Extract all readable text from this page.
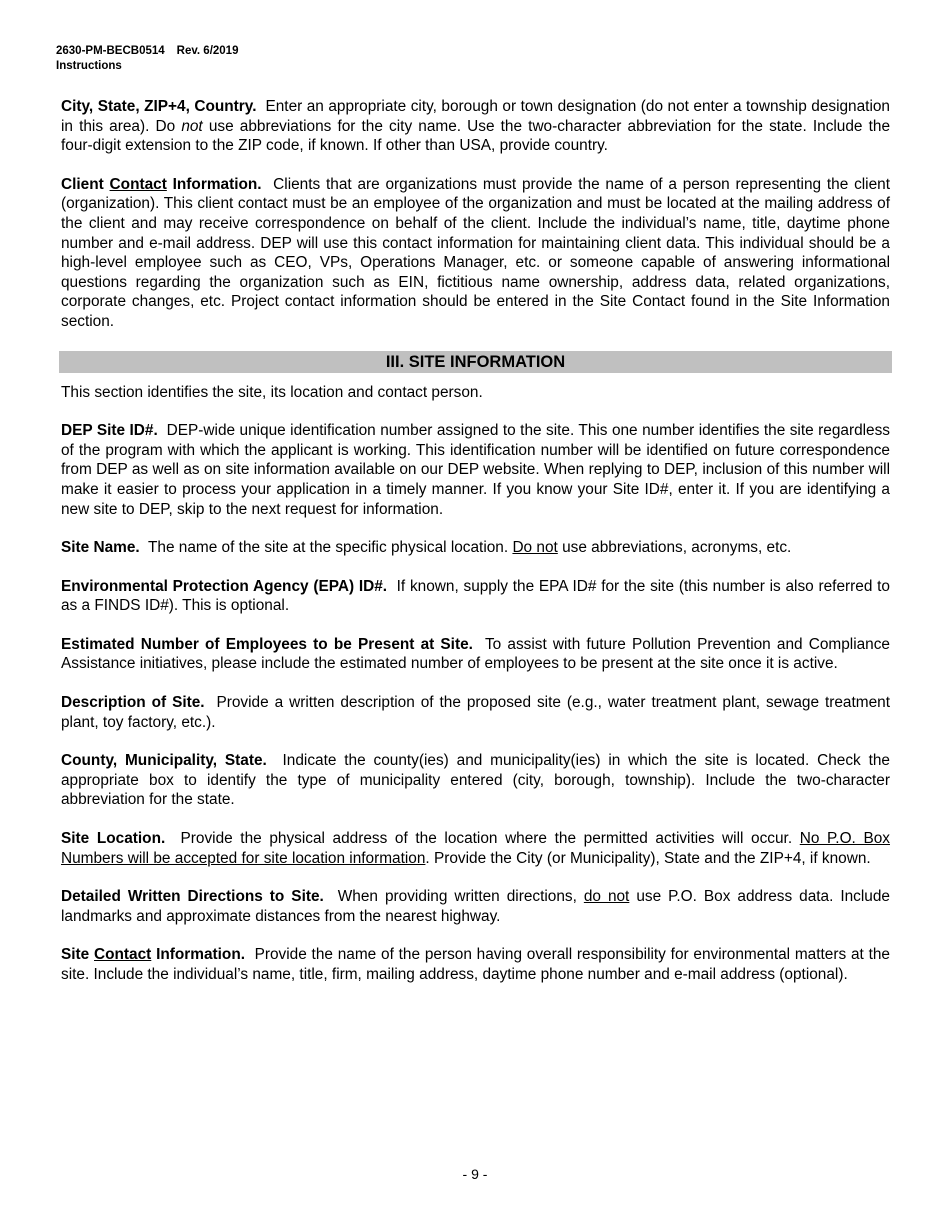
2630-PM-BECB0514 Rev. 6/2019
Instructions

City, State, ZIP+4, Country. Enter an appropriate city, borough or town designation (do not enter a township designation in this area). Do not use abbreviations for the city name. Use the two-character abbreviation for the state. Include the four-digit extension to the ZIP code, if known. If other than USA, provide country.

Client Contact Information. Clients that are organizations must provide the name of a person representing the client (organization). This client contact must be an employee of the organization and must be located at the mailing address of the client and may receive correspondence on behalf of the client. Include the individual’s name, title, daytime phone number and e-mail address. DEP will use this contact information for maintaining client data. This individual should be a high-level employee such as CEO, VPs, Operations Manager, etc. or someone capable of answering informational questions regarding the organization such as EIN, fictitious name ownership, address data, related organizations, corporate changes, etc. Project contact information should be entered in the Site Contact found in the Site Information section.

III. SITE INFORMATION

This section identifies the site, its location and contact person.

DEP Site ID#. DEP-wide unique identification number assigned to the site. This one number identifies the site regardless of the program with which the applicant is working. This identification number will be identified on future correspondence from DEP as well as on site information available on our DEP website. When replying to DEP, inclusion of this number will make it easier to process your application in a timely manner. If you know your Site ID#, enter it. If you are identifying a new site to DEP, skip to the next request for information.

Site Name. The name of the site at the specific physical location. Do not use abbreviations, acronyms, etc.

Environmental Protection Agency (EPA) ID#. If known, supply the EPA ID# for the site (this number is also referred to as a FINDS ID#). This is optional.

Estimated Number of Employees to be Present at Site. To assist with future Pollution Prevention and Compliance Assistance initiatives, please include the estimated number of employees to be present at the site once it is active.

Description of Site. Provide a written description of the proposed site (e.g., water treatment plant, sewage treatment plant, toy factory, etc.).

County, Municipality, State. Indicate the county(ies) and municipality(ies) in which the site is located. Check the appropriate box to identify the type of municipality entered (city, borough, township). Include the two-character abbreviation for the state.

Site Location. Provide the physical address of the location where the permitted activities will occur. No P.O. Box Numbers will be accepted for site location information. Provide the City (or Municipality), State and the ZIP+4, if known.

Detailed Written Directions to Site. When providing written directions, do not use P.O. Box address data. Include landmarks and approximate distances from the nearest highway.

Site Contact Information. Provide the name of the person having overall responsibility for environmental matters at the site. Include the individual’s name, title, firm, mailing address, daytime phone number and e-mail address (optional).

- 9 -
